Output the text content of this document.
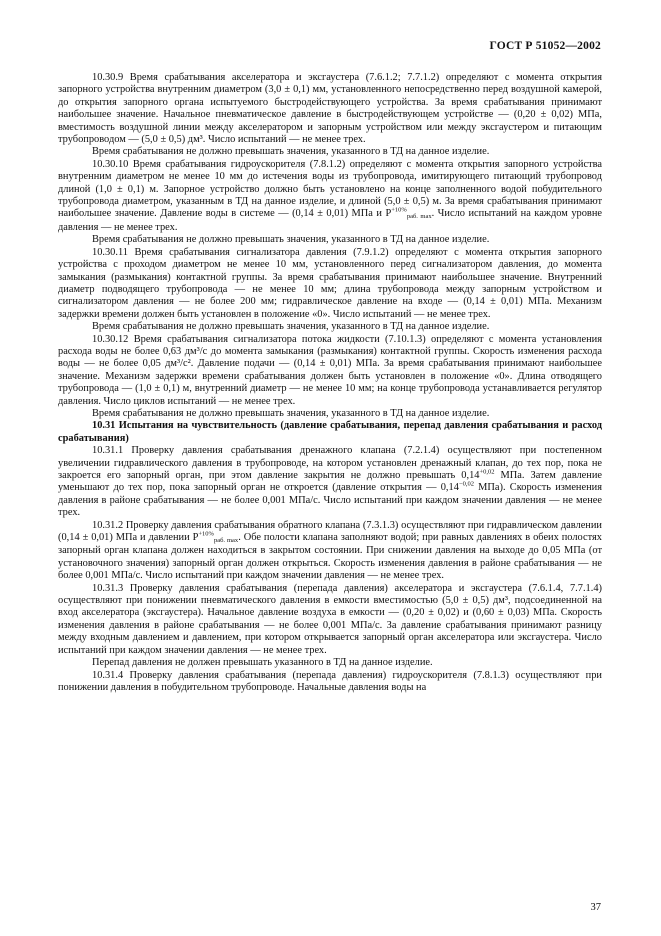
ГОСТ Р 51052—2002

10.30.9 Время срабатывания акселератора и эксгаустера (7.6.1.2; 7.7.1.2) определяют с момента открытия запорного устройства внутренним диаметром (3,0 ± 0,1) мм, установленного непосредственно перед воздушной камерой, до открытия запорного органа испытуемого быстродействующего устройства. За время срабатывания принимают наибольшее значение. Начальное пневматическое давление в быстродействующем устройстве — (0,20 ± 0,02) МПа, вместимость воздушной линии между акселератором и запорным устройством или между эксгаустером и питающим трубопроводом — (5,0 ± 0,5) дм³. Число испытаний — не менее трех.

Время срабатывания не должно превышать значения, указанного в ТД на данное изделие.

10.30.10 Время срабатывания гидроускорителя (7.8.1.2) определяют с момента открытия запорного устройства внутренним диаметром не менее 10 мм до истечения воды из трубопровода, имитирующего питающий трубопровод длиной (1,0 ± 0,1) м. Запорное устройство должно быть установлено на конце заполненного водой побудительного трубопровода диаметром, указанным в ТД на данное изделие, и длиной (5,0 ± 0,5) м. За время срабатывания принимают наибольшее значение. Давление воды в системе — (0,14 ± 0,01) МПа и $P^{+10\%}раб$. max. Число испытаний на каждом уровне давления — не менее трех.

Время срабатывания не должно превышать значения, указанного в ТД на данное изделие.

10.30.11 Время срабатывания сигнализатора давления (7.9.1.2) определяют с момента открытия запорного устройства с проходом диаметром не менее 10 мм, установленного перед сигнализатором давления, до момента замыкания (размыкания) контактной группы. За время срабатывания принимают наибольшее значение. Внутренний диаметр подводящего трубопровода — не менее 10 мм; длина трубопровода между запорным устройством и сигнализатором давления — не более 200 мм; гидравлическое давление на входе — (0,14 ± 0,01) МПа. Механизм задержки времени должен быть установлен в положение «0». Число испытаний — не менее трех.

Время срабатывания не должно превышать значения, указанного в ТД на данное изделие.

10.30.12 Время срабатывания сигнализатора потока жидкости (7.10.1.3) определяют с момента установления расхода воды не более 0,63 дм³/с до момента замыкания (размыкания) контактной группы. Скорость изменения расхода воды — не более 0,05 дм³/с². Давление подачи — (0,14 ± 0,01) МПа. За время срабатывания принимают наибольшее значение. Механизм задержки времени срабатывания должен быть установлен в положение «0». Длина отводящего трубопровода — (1,0 ± 0,1) м, внутренний диаметр — не менее 10 мм; на конце трубопровода устанавливается регулятор давления. Число циклов испытаний — не менее трех.

Время срабатывания не должно превышать значения, указанного в ТД на данное изделие.

10.31 Испытания на чувствительность (давление срабатывания, перепад давления срабатывания и расход срабатывания)

10.31.1 Проверку давления срабатывания дренажного клапана (7.2.1.4) осуществляют при постепенном увеличении гидравлического давления в трубопроводе, на котором установлен дренажный клапан, до тех пор, пока не закроется его запорный орган, при этом давление закрытия не должно превышать $0,14^{+0,02}$ МПа. Затем давление уменьшают до тех пор, пока запорный орган не откроется (давление открытия — $0,14^{-0,02}$ МПа). Скорость изменения давления в районе срабатывания — не более 0,001 МПа/с. Число испытаний при каждом значении давления — не менее трех.

10.31.2 Проверку давления срабатывания обратного клапана (7.3.1.3) осуществляют при гидравлическом давлении (0,14 ± 0,01) МПа и давлении $P^{+10\%}раб$. max. Обе полости клапана заполняют водой; при равных давлениях в обеих полостях запорный орган клапана должен находиться в закрытом состоянии. При снижении давления на выходе до 0,05 МПа (от установочного значения) запорный орган должен открыться. Скорость изменения давления в районе срабатывания — не более 0,001 МПа/с. Число испытаний при каждом значении давления — не менее трех.

10.31.3 Проверку давления срабатывания (перепада давления) акселератора и эксгаустера (7.6.1.4, 7.7.1.4) осуществляют при понижении пневматического давления в емкости вместимостью (5,0 ± 0,5) дм³, подсоединенной на вход акселератора (эксгаустера). Начальное давление воздуха в емкости — (0,20 ± 0,02) и (0,60 ± 0,03) МПа. Скорость изменения давления в районе срабатывания — не более 0,001 МПа/с. За давление срабатывания принимают разницу между входным давлением и давлением, при котором открывается запорный орган акселератора или эксгаустера. Число испытаний при каждом значении давления — не менее трех.

Перепад давления не должен превышать указанного в ТД на данное изделие.

10.31.4 Проверку давления срабатывания (перепада давления) гидроускорителя (7.8.1.3) осуществляют при понижении давления в побудительном трубопроводе. Начальные давления воды на

37
